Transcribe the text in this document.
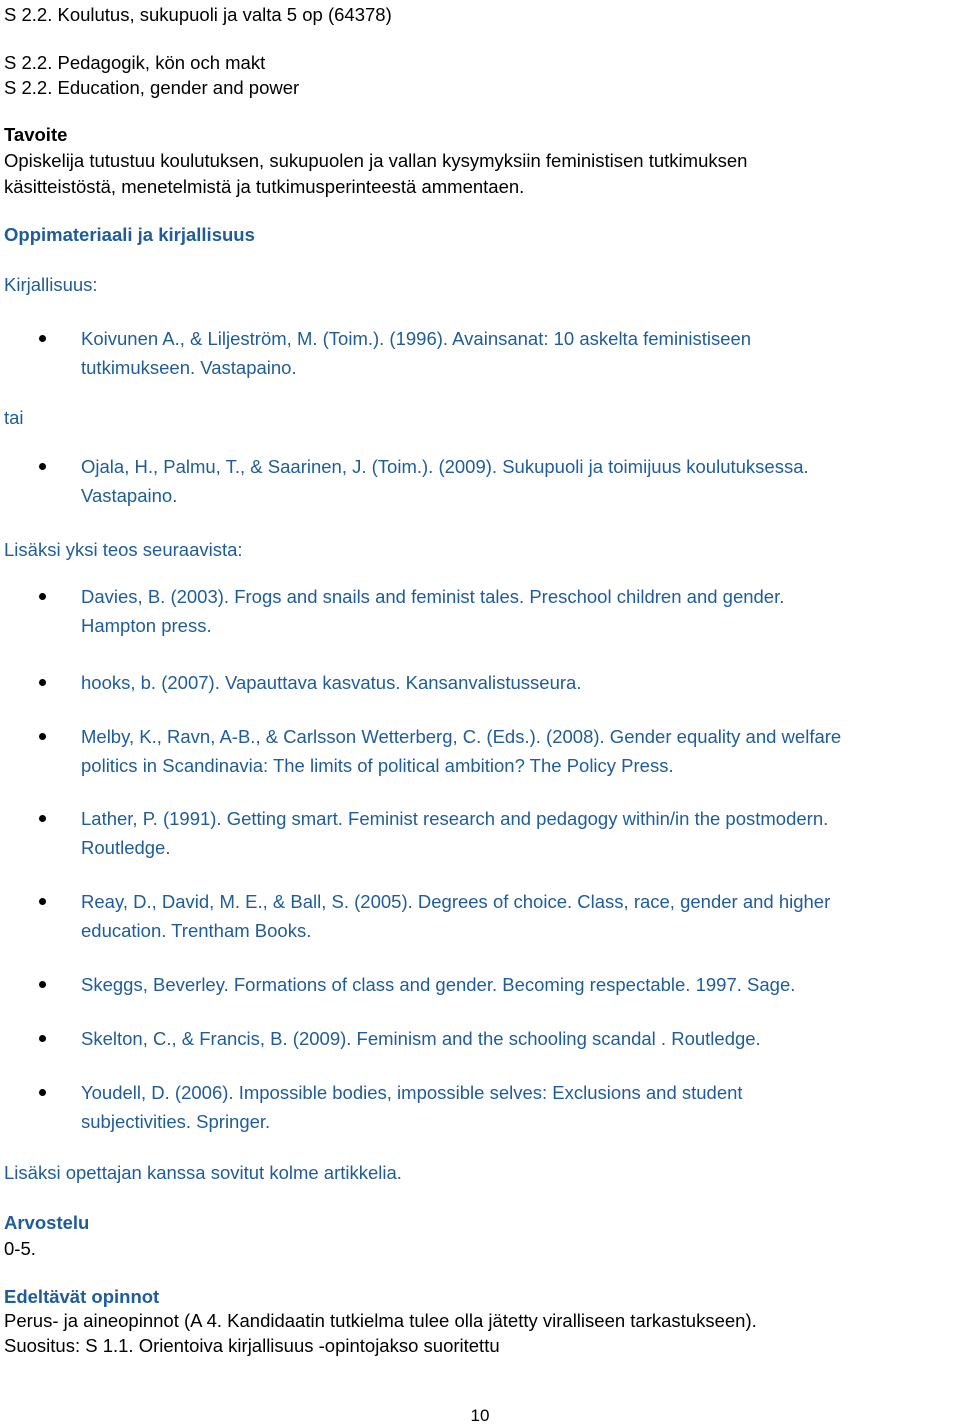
S 2.2. Koulutus, sukupuoli ja valta 5 op (64378)
S 2.2. Pedagogik, kön och makt
S 2.2. Education, gender and power
Tavoite
Opiskelija tutustuu koulutuksen, sukupuolen ja vallan kysymyksiin feministisen tutkimuksen
käsitteistöstä, menetelmistä ja tutkimusperinteestä ammentaen.
Oppimateriaali ja kirjallisuus
Kirjallisuus:
Koivunen A., & Liljeström, M. (Toim.). (1996). Avainsanat: 10 askelta feministiseen
tutkimukseen. Vastapaino.
tai
Ojala, H., Palmu, T., & Saarinen, J. (Toim.). (2009). Sukupuoli ja toimijuus koulutuksessa.
Vastapaino.
Lisäksi yksi teos seuraavista:
Davies, B. (2003). Frogs and snails and feminist tales. Preschool children and gender.
Hampton press.
hooks, b. (2007). Vapauttava kasvatus. Kansanvalistusseura.
Melby, K., Ravn, A-B., & Carlsson Wetterberg, C. (Eds.). (2008). Gender equality and welfare
politics in Scandinavia: The limits of political ambition? The Policy Press.
Lather, P. (1991). Getting smart. Feminist research and pedagogy within/in the postmodern.
Routledge.
Reay, D., David, M. E., & Ball, S. (2005). Degrees of choice. Class, race, gender and higher
education. Trentham Books.
Skeggs, Beverley. Formations of class and gender. Becoming respectable. 1997. Sage.
Skelton, C., & Francis, B. (2009). Feminism and the schooling scandal . Routledge.
Youdell, D. (2006). Impossible bodies, impossible selves: Exclusions and student
subjectivities. Springer.
Lisäksi opettajan kanssa sovitut kolme artikkelia.
Arvostelu
0-5.
Edeltävät opinnot
Perus- ja aineopinnot (A 4. Kandidaatin tutkielma tulee olla jätetty viralliseen tarkastukseen).
Suositus: S 1.1. Orientoiva kirjallisuus -opintojakso suoritettu
10
